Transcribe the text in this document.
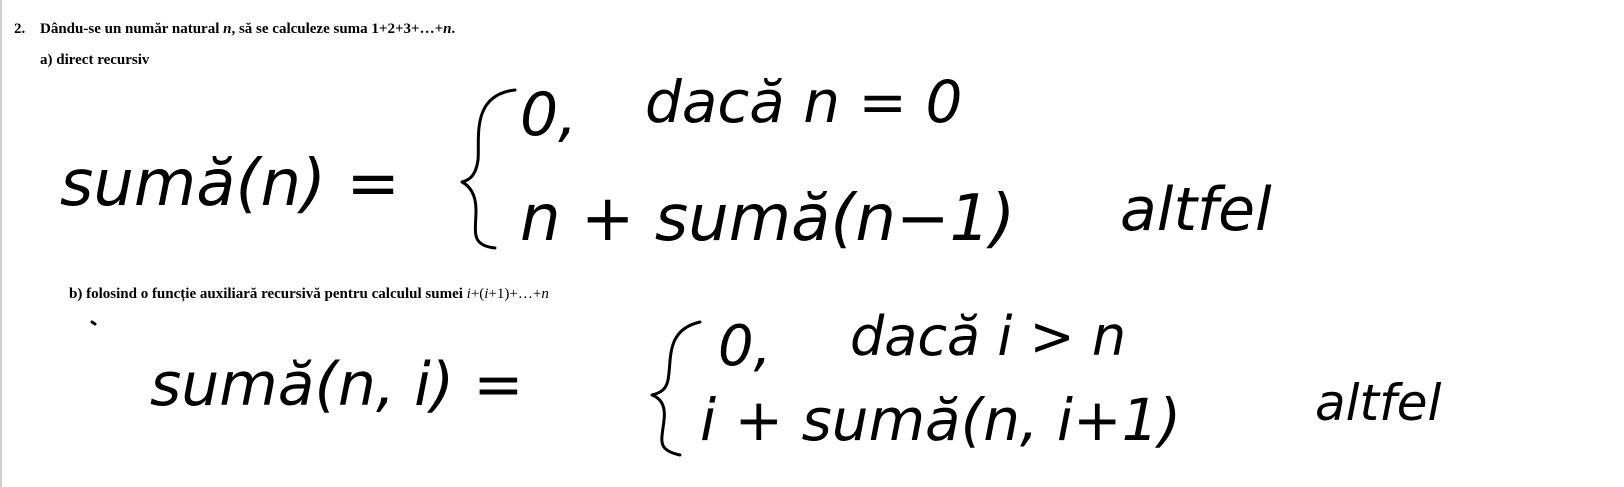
2. Dându-se un număr natural n, să se calculeze suma 1+2+3+…+n.
a) direct recursiv
b) folosind o funcție auxiliară recursivă pentru calculul sumei i+(i+1)+…+n
sumă(n) =
0, dacă n = 0
n + sumă(n−1) altfel
sumă(n, i) =
0, dacă i > n
i + sumă(n, i+1)	altfel
